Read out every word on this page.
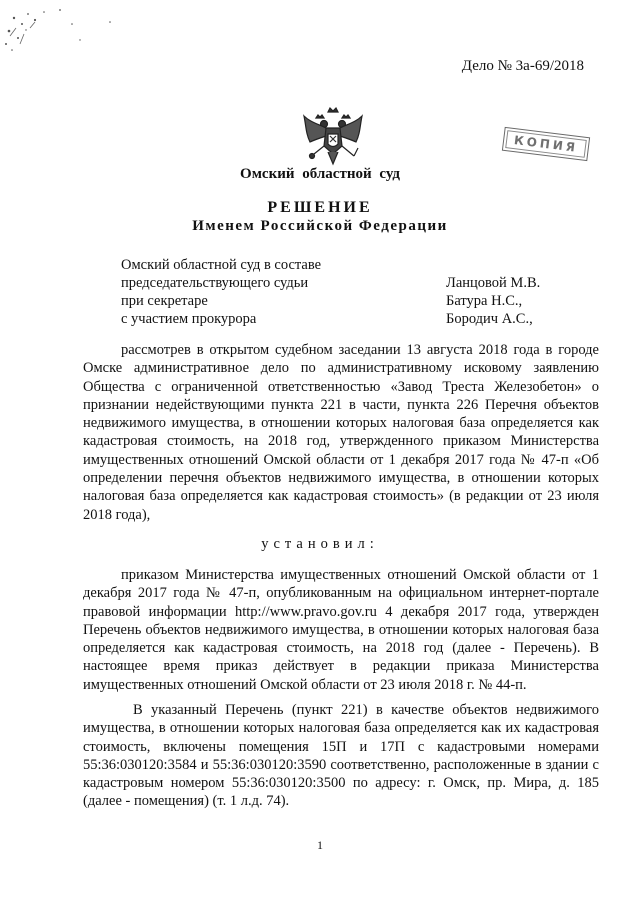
Дело № 3а-69/2018
КОПИЯ
Омский областной суд
РЕШЕНИЕ
Именем Российской Федерации
Омский областной суд в составе
председательствующего судьи	Ланцовой М.В.
при секретаре	Батура Н.С.,
с участием прокурора	Бородич А.С.,

рассмотрев в открытом судебном заседании 13 августа 2018 года в городе Омске административное дело по административному исковому заявлению Общества с ограниченной ответственностью «Завод Треста Железобетон» о признании недействующими пункта 221 в части, пункта 226 Перечня объектов недвижимого имущества, в отношении которых налоговая база определяется как кадастровая стоимость, на 2018 год, утвержденного приказом Министерства имущественных отношений Омской области от 1 декабря 2017 года № 47-п «Об определении перечня объектов недвижимого имущества, в отношении которых налоговая база определяется как кадастровая стоимость» (в редакции от 23 июля 2018 года),

установил:

приказом Министерства имущественных отношений Омской области от 1 декабря 2017 года № 47-п, опубликованным на официальном интернет-портале правовой информации http://www.pravo.gov.ru 4 декабря 2017 года, утвержден Перечень объектов недвижимого имущества, в отношении которых налоговая база определяется как кадастровая стоимость, на 2018 год (далее - Перечень). В настоящее время приказ действует в редакции приказа Министерства имущественных отношений Омской области от 23 июля 2018 г. № 44-п.

В указанный Перечень (пункт 221) в качестве объектов недвижимого имущества, в отношении которых налоговая база определяется как их кадастровая стоимость, включены помещения 15П и 17П с кадастровыми номерами 55:36:030120:3584 и 55:36:030120:3590 соответственно, расположенные в здании с кадастровым номером 55:36:030120:3500 по адресу: г. Омск, пр. Мира, д. 185 (далее - помещения) (т. 1 л.д. 74).

1
